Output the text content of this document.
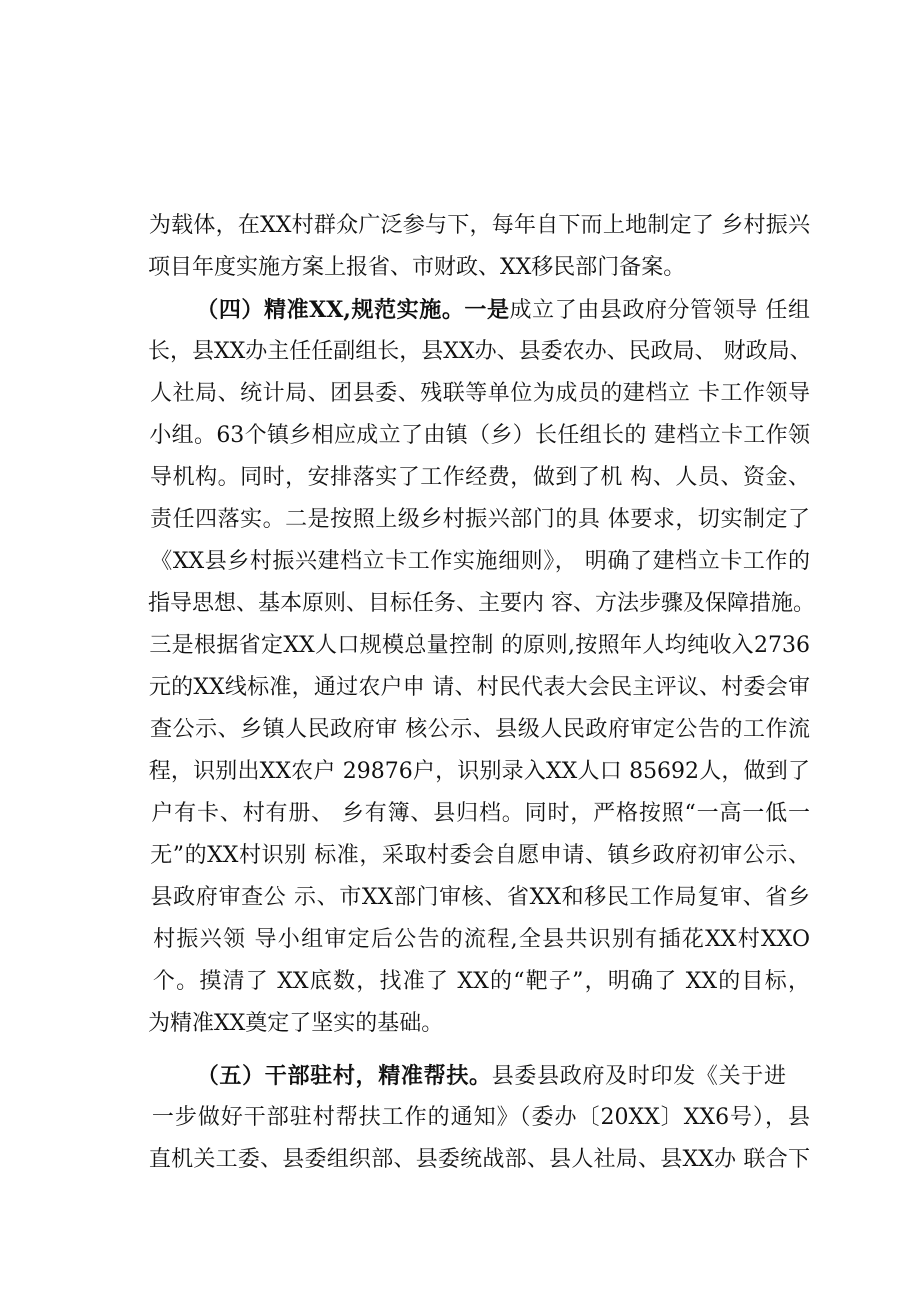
为载体，在XX村群众广泛参与下，每年自下而上地制定了 乡村振兴

项目年度实施方案上报省、市财政、XX移民部门备案。

（四）精准XX,规范实施。一是成立了由县政府分管领导 任组

长，县XX办主任任副组长，县XX办、县委农办、民政局、 财政局、

人社局、统计局、团县委、残联等单位为成员的建档立 卡工作领导

小组。63个镇乡相应成立了由镇（乡）长任组长的 建档立卡工作领

导机构。同时，安排落实了工作经费，做到了机 构、人员、资金、

责任四落实。二是按照上级乡村振兴部门的具 体要求，切实制定了

《XX县乡村振兴建档立卡工作实施细则》， 明确了建档立卡工作的

指导思想、基本原则、目标任务、主要内 容、方法步骤及保障措施。

三是根据省定XX人口规模总量控制 的原则,按照年人均纯收入2736

元的XX线标准，通过农户申 请、村民代表大会民主评议、村委会审

查公示、乡镇人民政府审 核公示、县级人民政府审定公告的工作流

程，识别出XX农户 29876户，识别录入XX人口 85692人，做到了

户有卡、村有册、 乡有簿、县归档。同时，严格按照“一高一低一

无”的XX村识别 标准，采取村委会自愿申请、镇乡政府初审公示、

县政府审查公 示、市XX部门审核、省XX和移民工作局复审、省乡

村振兴领 导小组审定后公告的流程,全县共识别有插花XX村XXO

个。摸清了 XX底数，找准了 XX的“靶子”，明确了 XX的目标，

为精准XX奠定了坚实的基础。

（五）干部驻村，精准帮扶。县委县政府及时印发《关于进

一步做好干部驻村帮扶工作的通知》（委办〔20XX〕XX6号），县

直机关工委、县委组织部、县委统战部、县人社局、县XX办 联合下
